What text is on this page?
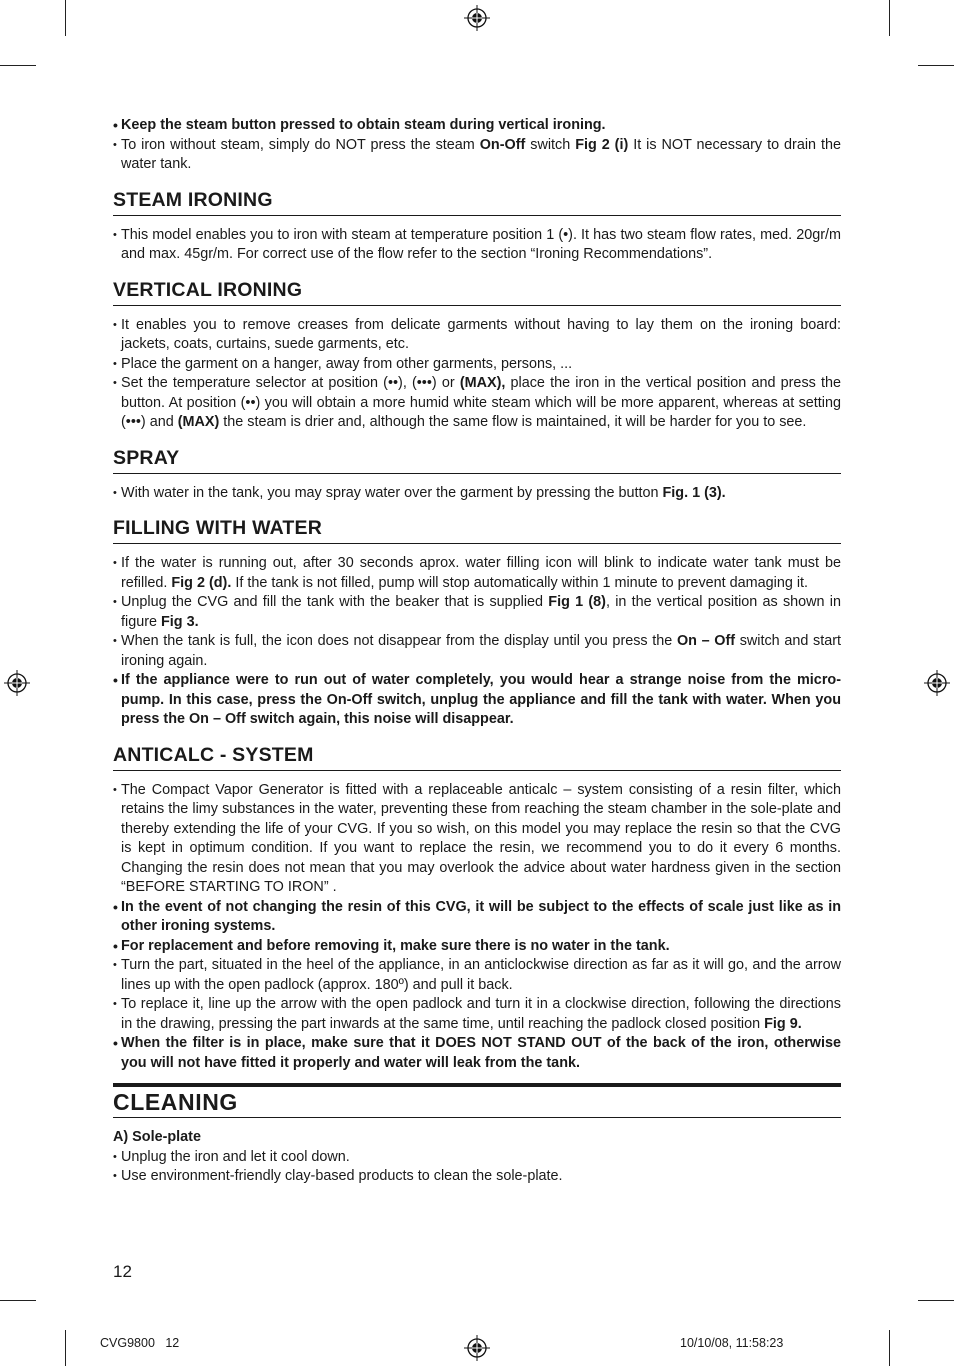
• Keep the steam button pressed to obtain steam during vertical ironing.
• To iron without steam, simply do NOT press the steam On-Off switch Fig 2 (i) It is NOT necessary to drain the water tank.
STEAM IRONING
• This model enables you to iron with steam at temperature position 1 (•). It has two steam flow rates, med. 20gr/m and max. 45gr/m. For correct use of the flow refer to the section “Ironing Recommendations”.
VERTICAL IRONING
• It enables you to remove creases from delicate garments without having to lay them on the ironing board: jackets, coats, curtains, suede garments, etc.
• Place the garment on a hanger, away from other garments, persons, ...
• Set the temperature selector at position (••), (•••) or (MAX), place the iron in the vertical position and press the button. At position (••) you will obtain a more humid white steam which will be more apparent, whereas at setting (•••) and (MAX) the steam is drier and, although the same flow is maintained, it will be harder for you to see.
SPRAY
• With water in the tank, you may spray water over the garment by pressing the button Fig. 1 (3).
FILLING WITH WATER
• If the water is running out, after 30 seconds aprox. water filling icon will blink to indicate water tank must be refilled. Fig 2 (d). If the tank is not filled, pump will stop automatically within 1 minute to prevent damaging it.
• Unplug the CVG and fill the tank with the beaker that is supplied Fig 1 (8), in the vertical position as shown in figure Fig 3.
• When the tank is full, the icon does not disappear from the display until you press the On – Off switch and start ironing again.
• If the appliance were to run out of water completely, you would hear a strange noise from the micro-pump. In this case, press the On-Off switch, unplug the appliance and fill the tank with water. When you press the On – Off switch again, this noise will disappear.
ANTICALC - SYSTEM
• The Compact Vapor Generator is fitted with a replaceable anticalc – system consisting of a resin filter, which retains the limy substances in the water, preventing these from reaching the steam chamber in the sole-plate and thereby extending the life of your CVG. If you so wish, on this model you may replace the resin so that the CVG is kept in optimum condition. If you want to replace the resin, we recommend you to do it every 6 months. Changing the resin does not mean that you may overlook the advice about water hardness given in the section “BEFORE STARTING TO IRON” .
• In the event of not changing the resin of this CVG, it will be subject to the effects of scale just like as in other ironing systems.
• For replacement and before removing it, make sure there is no water in the tank.
• Turn the part, situated in the heel of the appliance, in an anticlockwise direction as far as it will go, and the arrow lines up with the open padlock (approx. 180º) and pull it back.
• To replace it, line up the arrow with the open padlock and turn it in a clockwise direction, following the directions in the drawing, pressing the part inwards at the same time, until reaching the padlock closed position Fig 9.
• When the filter is in place, make sure that it DOES NOT STAND OUT of the back of the iron, otherwise you will not have fitted it properly and water will leak from the tank.
CLEANING
A) Sole-plate
• Unplug the iron and let it cool down.
• Use environment-friendly clay-based products to clean the sole-plate.
12
CVG9800   12	10/10/08, 11:58:23
